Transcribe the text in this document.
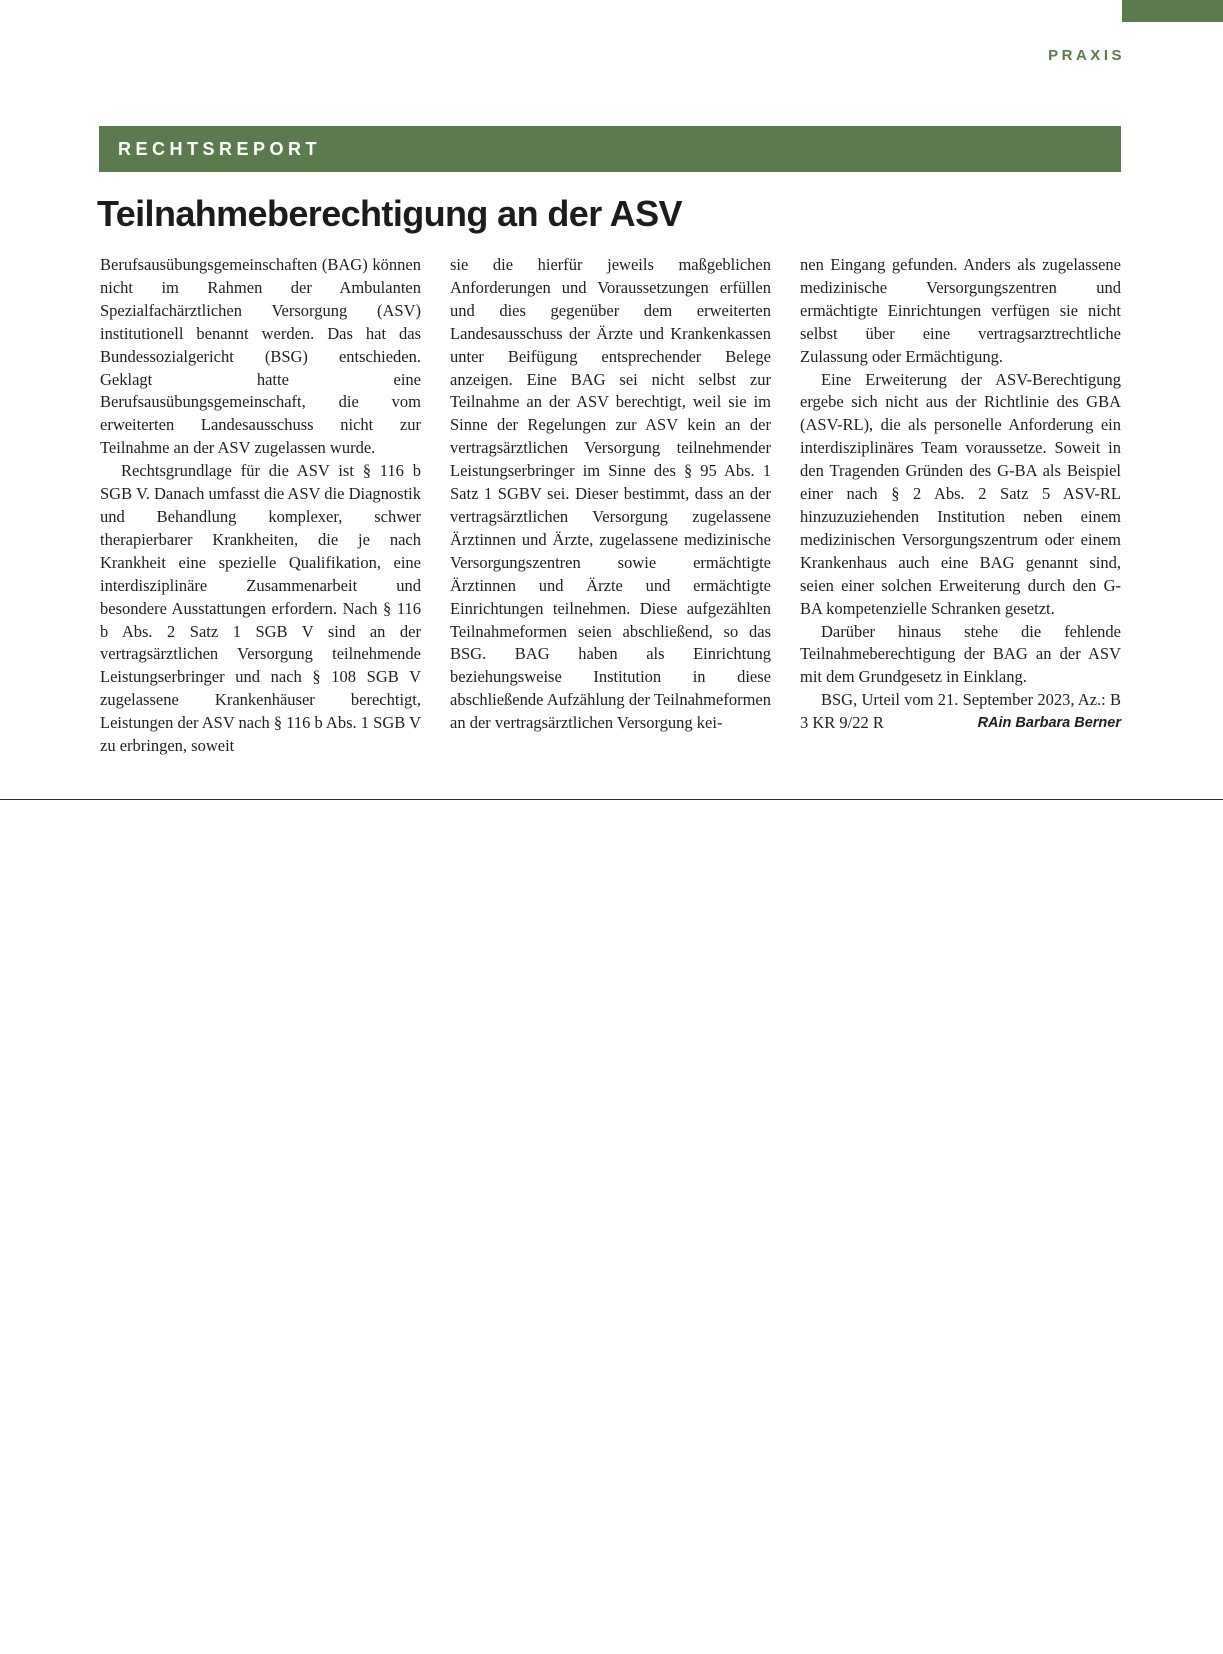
PRAXIS
RECHTSREPORT
Teilnahmeberechtigung an der ASV

Berufsausübungsgemeinschaften (BAG) können nicht im Rahmen der Ambulanten Spezialfachärztlichen Versorgung (ASV) institutionell benannt werden. Das hat das Bundessozialgericht (BSG) entschieden. Geklagt hatte eine Berufsausübungsgemeinschaft, die vom erweiterten Landesausschuss nicht zur Teilnahme an der ASV zugelassen wurde.

Rechtsgrundlage für die ASV ist § 116 b SGB V. Danach umfasst die ASV die Diagnostik und Behandlung komplexer, schwer therapierbarer Krankheiten, die je nach Krankheit eine spezielle Qualifikation, eine interdisziplinäre Zusammenarbeit und besondere Ausstattungen erfordern. Nach § 116 b Abs. 2 Satz 1 SGB V sind an der vertragsärztlichen Versorgung teilnehmende Leistungserbringer und nach § 108 SGB V zugelassene Krankenhäuser berechtigt, Leistungen der ASV nach § 116 b Abs. 1 SGB V zu erbringen, soweit

sie die hierfür jeweils maßgeblichen Anforderungen und Voraussetzungen erfüllen und dies gegenüber dem erweiterten Landesausschuss der Ärzte und Krankenkassen unter Beifügung entsprechender Belege anzeigen. Eine BAG sei nicht selbst zur Teilnahme an der ASV berechtigt, weil sie im Sinne der Regelungen zur ASV kein an der vertragsärztlichen Versorgung teilnehmender Leistungserbringer im Sinne des § 95 Abs. 1 Satz 1 SGBV sei. Dieser bestimmt, dass an der vertragsärztlichen Versorgung zugelassene Ärztinnen und Ärzte, zugelassene medizinische Versorgungszentren sowie ermächtigte Ärztinnen und Ärzte und ermächtigte Einrichtungen teilnehmen. Diese aufgezählten Teilnahmeformen seien abschließend, so das BSG. BAG haben als Einrichtung beziehungsweise Institution in diese abschließende Aufzählung der Teilnahmeformen an der vertragsärztlichen Versorgung kei-

nen Eingang gefunden. Anders als zugelassene medizinische Versorgungszentren und ermächtigte Einrichtungen verfügen sie nicht selbst über eine vertragsarztrechtliche Zulassung oder Ermächtigung.

Eine Erweiterung der ASV-Berechtigung ergebe sich nicht aus der Richtlinie des GBA (ASV-RL), die als personelle Anforderung ein interdisziplinäres Team voraussetze. Soweit in den Tragenden Gründen des G-BA als Beispiel einer nach § 2 Abs. 2 Satz 5 ASV-RL hinzuzuziehenden Institution neben einem medizinischen Versorgungszentrum oder einem Krankenhaus auch eine BAG genannt sind, seien einer solchen Erweiterung durch den G-BA kompetenzielle Schranken gesetzt.

Darüber hinaus stehe die fehlende Teilnahmeberechtigung der BAG an der ASV mit dem Grundgesetz in Einklang.

BSG, Urteil vom 21. September 2023, Az.: B 3 KR 9/22 R	RAin Barbara Berner
